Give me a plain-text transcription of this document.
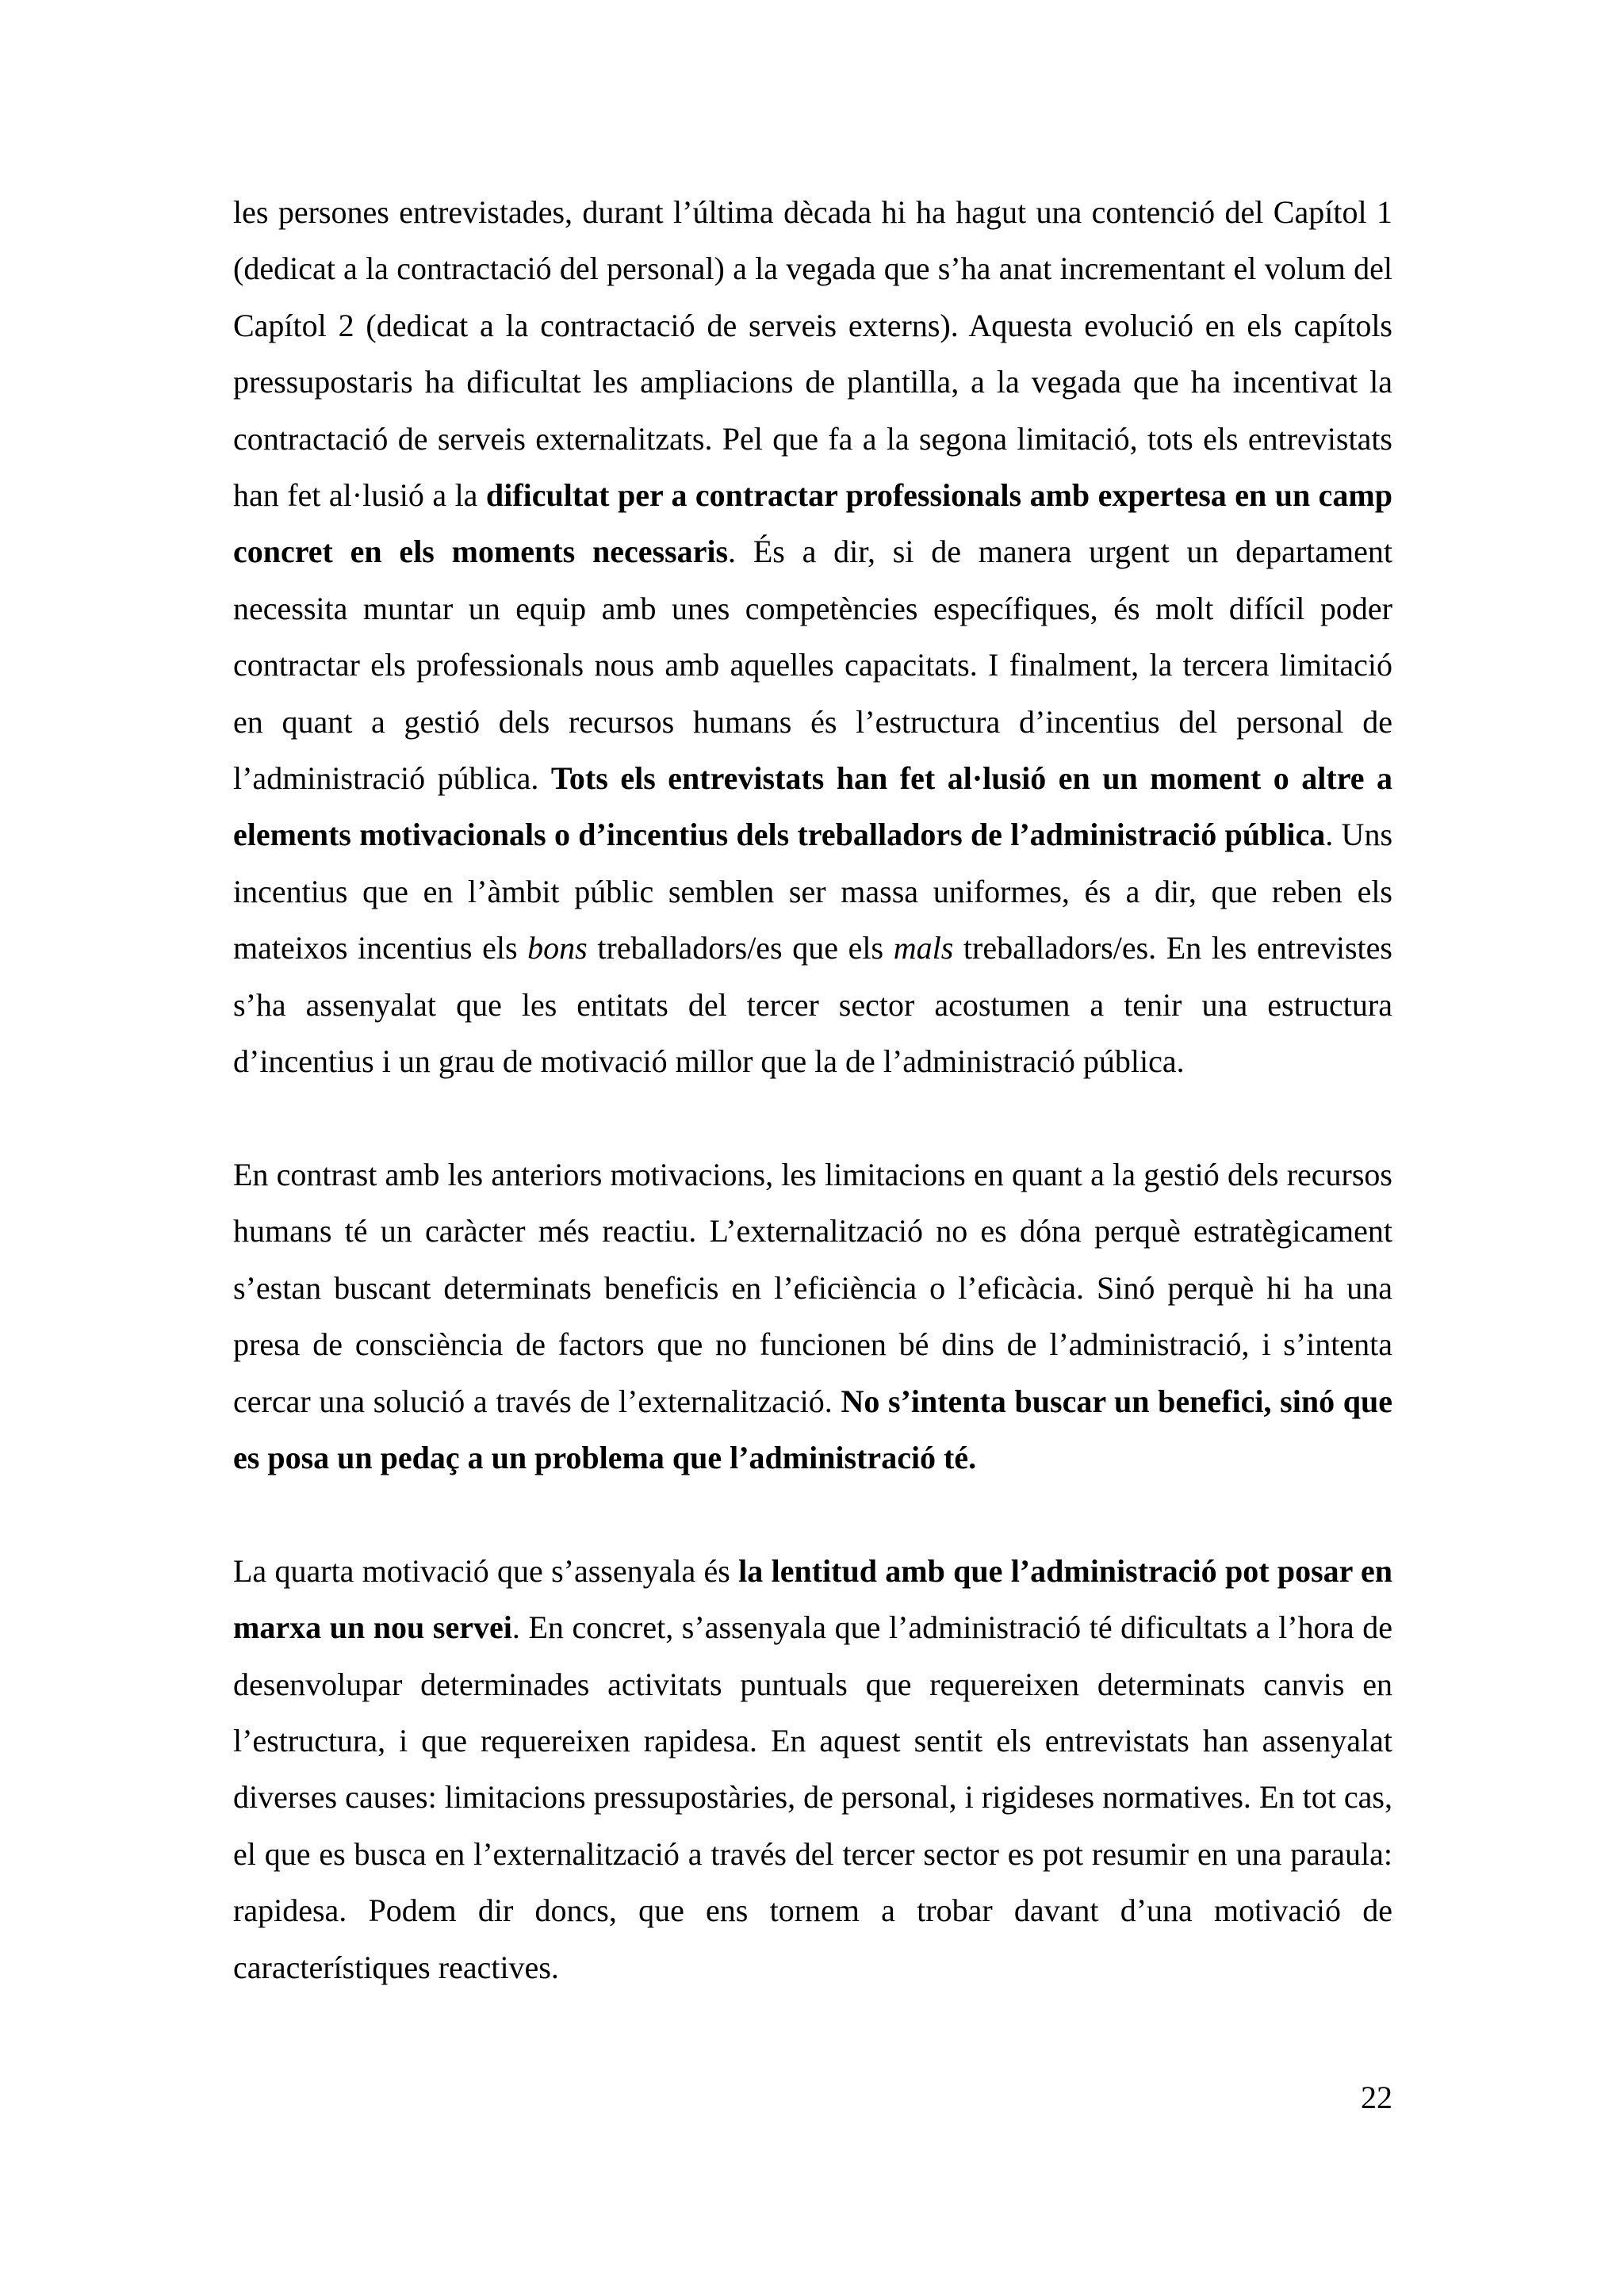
les persones entrevistades, durant l’última dècada hi ha hagut una contenció del Capítol 1 (dedicat a la contractació del personal) a la vegada que s’ha anat incrementant el volum del Capítol 2 (dedicat a la contractació de serveis externs). Aquesta evolució en els capítols pressupostaris ha dificultat les ampliacions de plantilla, a la vegada que ha incentivat la contractació de serveis externalitzats. Pel que fa a la segona limitació, tots els entrevistats han fet al·lusió a la dificultat per a contractar professionals amb expertesa en un camp concret en els moments necessaris. És a dir, si de manera urgent un departament necessita muntar un equip amb unes competències específiques, és molt difícil poder contractar els professionals nous amb aquelles capacitats. I finalment, la tercera limitació en quant a gestió dels recursos humans és l’estructura d’incentius del personal de l’administració pública. Tots els entrevistats han fet al·lusió en un moment o altre a elements motivacionals o d’incentius dels treballadors de l’administració pública. Uns incentius que en l’àmbit públic semblen ser massa uniformes, és a dir, que reben els mateixos incentius els bons treballadors/es que els mals treballadors/es. En les entrevistes s’ha assenyalat que les entitats del tercer sector acostumen a tenir una estructura d’incentius i un grau de motivació millor que la de l’administració pública.

En contrast amb les anteriors motivacions, les limitacions en quant a la gestió dels recursos humans té un caràcter més reactiu. L’externalització no es dóna perquè estratègicament s’estan buscant determinats beneficis en l’eficiència o l’eficàcia. Sinó perquè hi ha una presa de consciència de factors que no funcionen bé dins de l’administració, i s’intenta cercar una solució a través de l’externalització. No s’intenta buscar un benefici, sinó que es posa un pedaç a un problema que l’administració té.

La quarta motivació que s’assenyala és la lentitud amb que l’administració pot posar en marxa un nou servei. En concret, s’assenyala que l’administració té dificultats a l’hora de desenvolupar determinades activitats puntuals que requereixen determinats canvis en l’estructura, i que requereixen rapidesa. En aquest sentit els entrevistats han assenyalat diverses causes: limitacions pressupostàries, de personal, i rigideses normatives. En tot cas, el que es busca en l’externalització a través del tercer sector es pot resumir en una paraula: rapidesa. Podem dir doncs, que ens tornem a trobar davant d’una motivació de característiques reactives.

22
